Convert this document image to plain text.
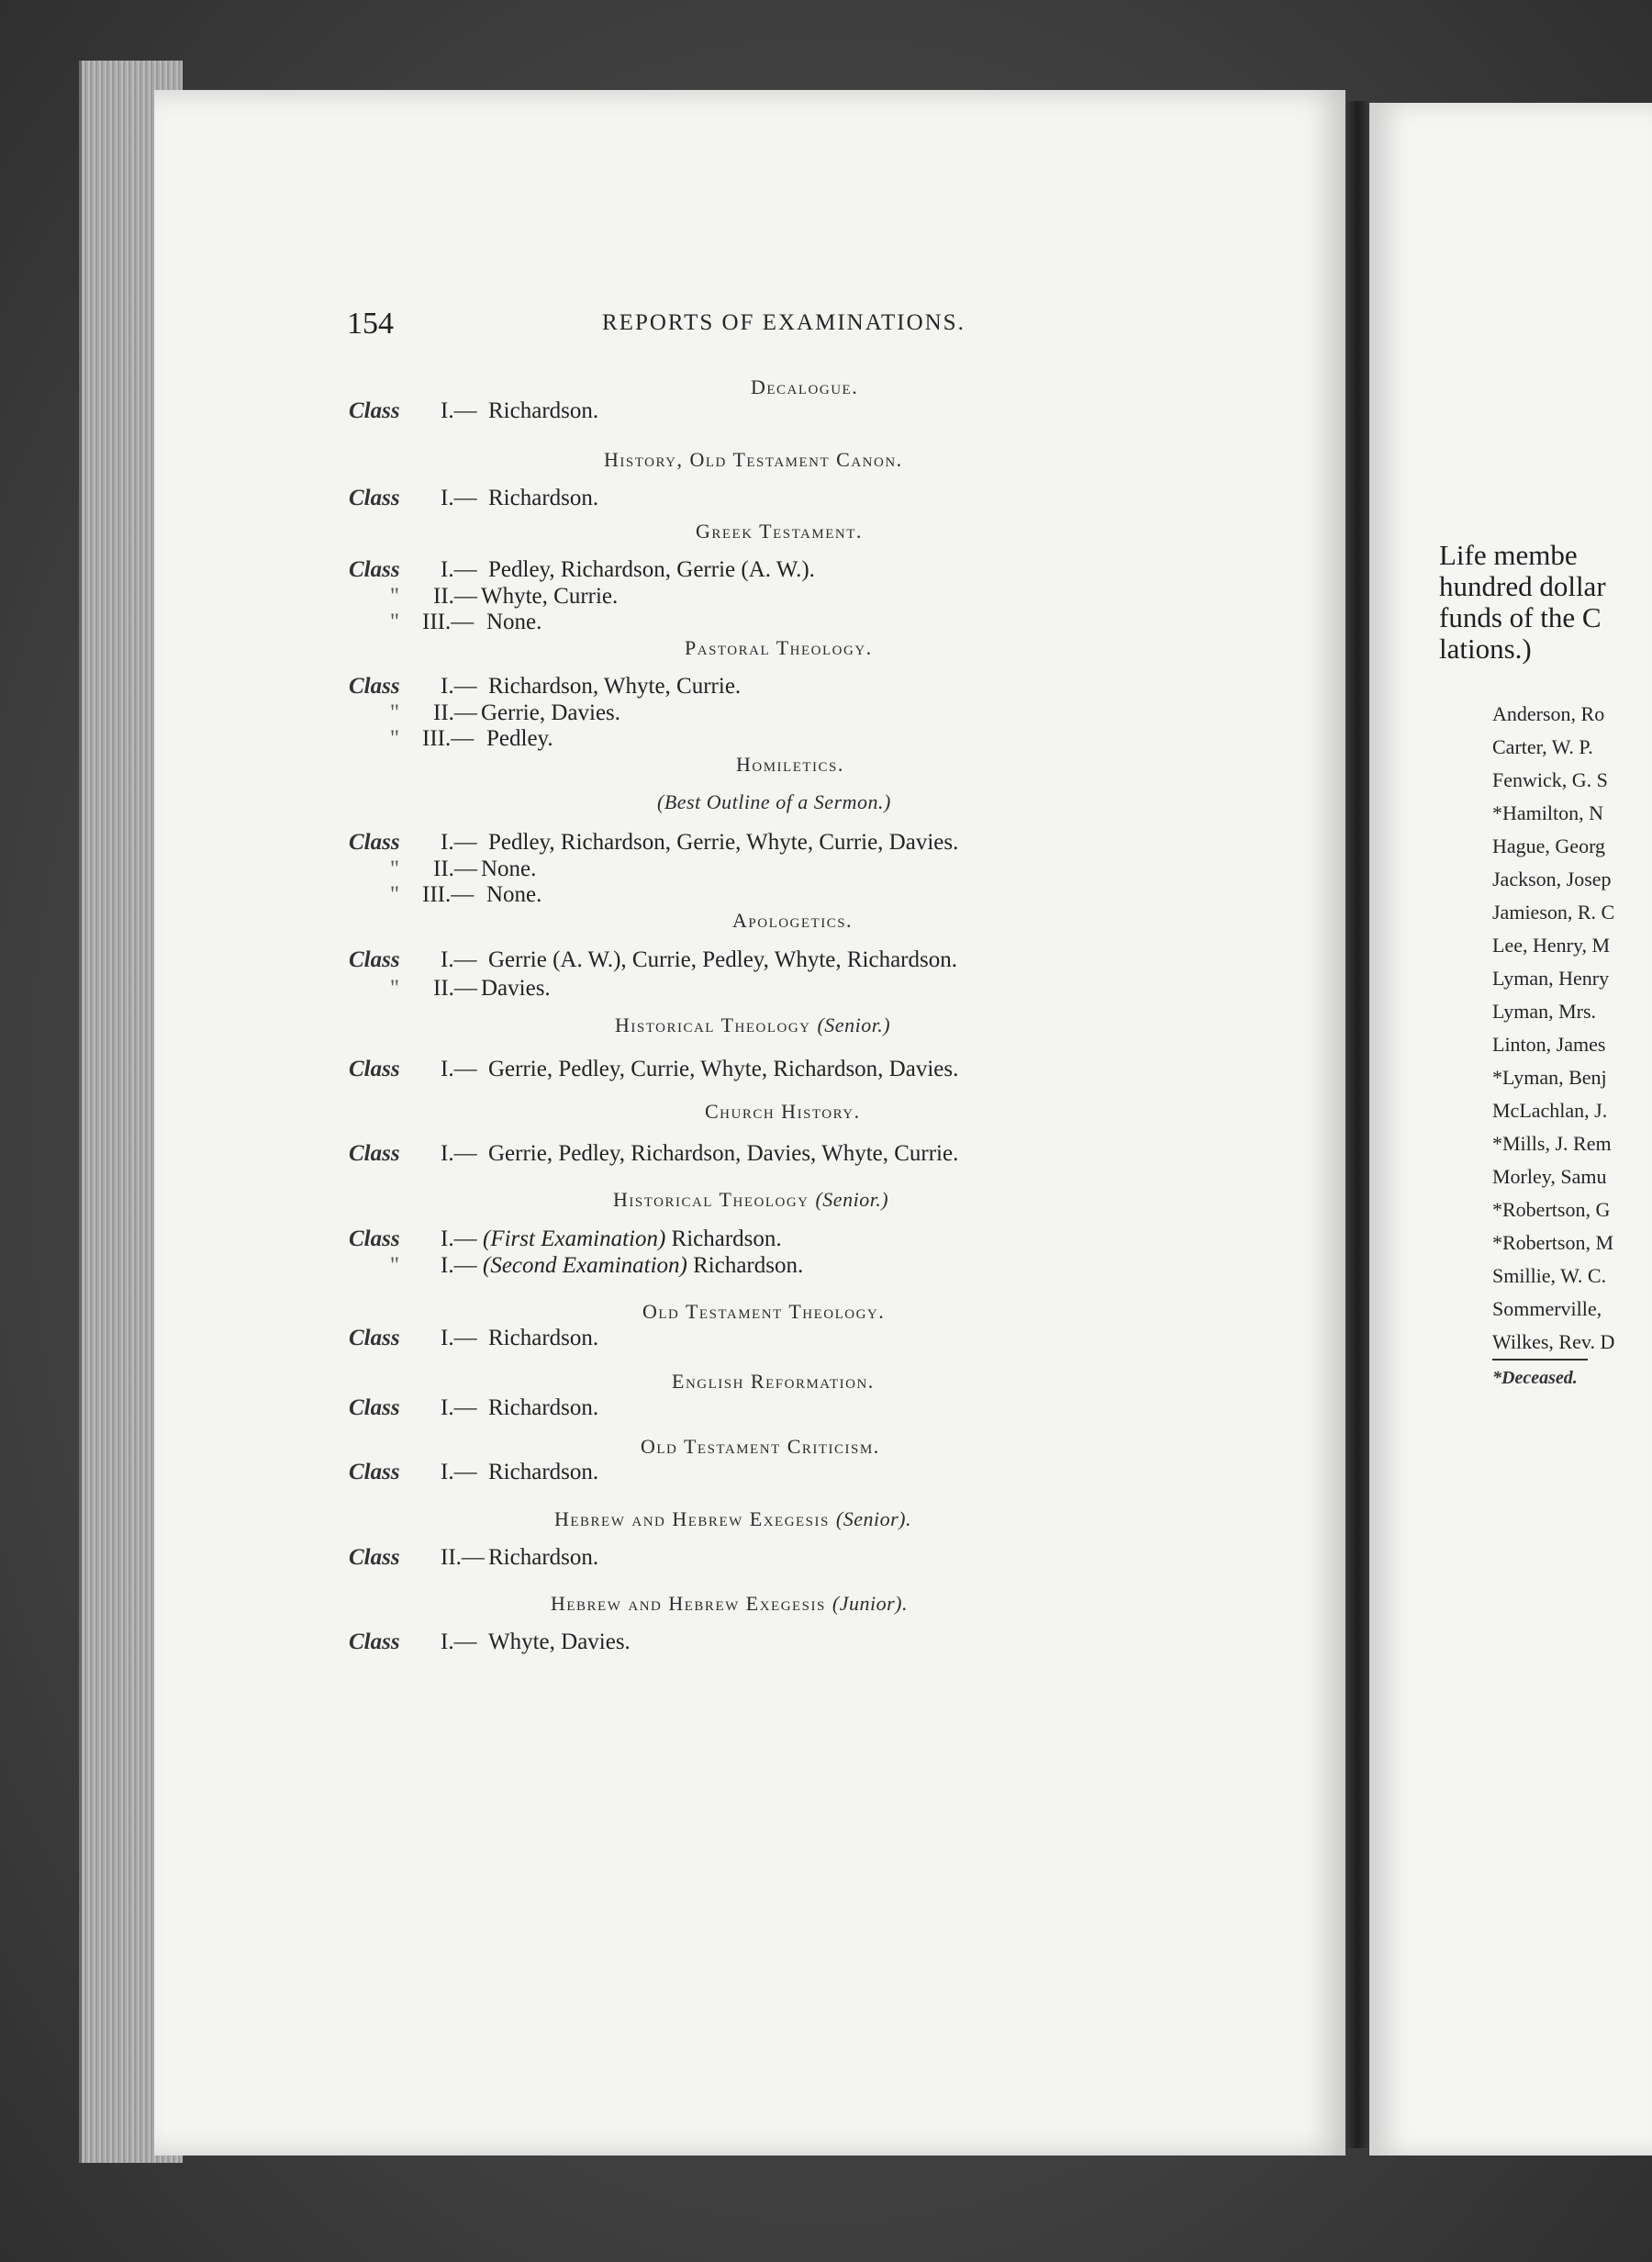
154	REPORTS OF EXAMINATIONS.
Decalogue.
Class I.— Richardson.
History, Old Testament Canon.
Class I.— Richardson.
Greek Testament.
Class I.— Pedley, Richardson, Gerrie (A. W.).
" II.— Whyte, Currie.
" III.— None.
Pastoral Theology.
Class I.— Richardson, Whyte, Currie.
" II.— Gerrie, Davies.
" III.— Pedley.
Homiletics.
(Best Outline of a Sermon.)
Class I.— Pedley, Richardson, Gerrie, Whyte, Currie, Davies.
" II.— None.
" III.— None.
Apologetics.
Class I.— Gerrie (A. W.), Currie, Pedley, Whyte, Richardson.
" II.— Davies.
Historical Theology (Senior.)
Class I.— Gerrie, Pedley, Currie, Whyte, Richardson, Davies.
Church History.
Class I.— Gerrie, Pedley, Richardson, Davies, Whyte, Currie.
Historical Theology (Senior.)
Class I.— (First Examination) Richardson.
" I.— (Second Examination) Richardson.
Old Testament Theology.
Class I.— Richardson.
English Reformation.
Class I.— Richardson.
Old Testament Criticism.
Class I.— Richardson.
Hebrew and Hebrew Exegesis (Senior).
Class II.— Richardson.
Hebrew and Hebrew Exegesis (Junior).
Class I.— Whyte, Davies.
Life membe
hundred dollar
funds of the C
lations.)
Anderson, Ro
Carter, W. P.
Fenwick, G. S
*Hamilton, N
Hague, Georg
Jackson, Josep
Jamieson, R. C
Lee, Henry, M
Lyman, Henry
Lyman, Mrs.
Linton, James
*Lyman, Benj
McLachlan, J.
*Mills, J. Rem
Morley, Samu
*Robertson, G
*Robertson, M
Smillie, W. C.
Sommerville,
Wilkes, Rev. D
*Deceased.
